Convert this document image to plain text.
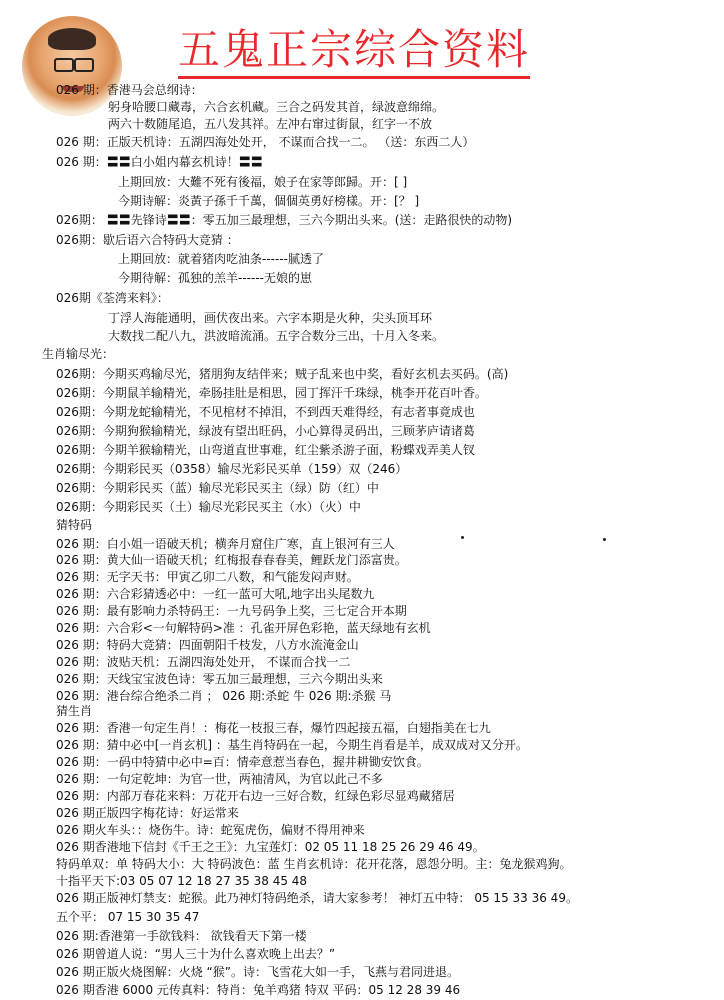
五鬼正宗综合资料
026 期：香港马会总纲诗：
躬身哈腰口藏毒，六合玄机藏。三合之码发其首，绿波意绵绵。
两六十数随尾追，五八发其祥。左冲右窜过街鼠，红字一不放
026 期：正版天机诗：五湖四海处处开， 不谋而合找一二。 （送：东西二人）
026 期：〓〓白小姐内幕玄机诗！〓〓
上期回放：大難不死有後福，娘子在家等郎歸。开：[ ]
今期诗解：炎黃子孫千千萬，個個英勇好榜樣。开：[？ ]
026期： 〓〓先锋诗〓〓：零五加三最理想，三六今期出头来。(送：走路很快的动物)
026期：歇后语六合特码大竞猜 ：
上期回放：就着猪肉吃油条------腻透了
今期待解：孤独的羔羊------无娘的崽
026期《荃湾来料》：
丁浮人海能通明，画伏夜出来。六字本期是火种，尖头顶耳环
大数找二配八九，洪波暗流涌。五字合数分三出，十月入冬来。
生肖输尽光：
026期：今期买鸡输尽光，猪朋狗友结伴来；贼子乱来也中奖，看好玄机去买码。(高)
026期：今期鼠羊输精光，牵肠挂肚是相思，园丁挥汗千珠绿，桃李开花百叶香。
026期：今期龙蛇输精光，不见棺材不掉泪，不到西天难得经，有志者事竟成也
026期：今期狗猴输精光，绿波有望出旺码，小心算得灵码出，三顾茅庐请诸葛
026期：今期羊猴输精光，山弯道直世事难，红尘紫杀游子面，粉蝶戏弄美人钗
026期：今期彩民买（0358）输尽光彩民买单（159）双（246）
026期：今期彩民买（蓝）输尽光彩民买主（绿）防（红）中
026期：今期彩民买（土）输尽光彩民买主（水）（火）中
猜特码
026 期：白小姐一语破天机；横奔月窟住广寒，直上银河有三人
026 期：黄大仙一语破天机；红梅报春春春美，鲤跃龙门添富贵。
026 期：无字天书：甲寅乙卯二八数，和气能发闷声财。
026 期：六合彩猜透必中：一红一蓝可大吼,地字出头尾数九
026 期：最有影响力杀特码王：一九号码争上奖，三七定合开本期
026 期：六合彩<一句解特码>准 ：孔雀开屏色彩艳，蓝天绿地有玄机
026 期：特码大竞猜：四面朝阳千枝发，八方水流淹金山
026 期：波贴天机：五湖四海处处开， 不谋而合找一二
026 期：天线宝宝波色诗：零五加三最理想，三六今期出头来
026 期：港台综合绝杀二肖 ； 026 期:杀蛇 牛 026 期:杀猴 马
猜生肖
026 期：香港一句定生肖！：梅花一枝报三春，爆竹四起接五福，白翅指美在七九
026 期：猜中必中[一肖玄机] ：基生肖特码在一起，今期生肖看是羊，成双成对又分开。
026 期：一码中特猜中必中=百：情牵意惹当春色，握井耕锄安饮食。
026 期：一句定乾坤：为官一世，两袖清风，为官以此己不多
026 期：内部万春花来料：万花开右边一三好合数，红绿色彩尽显鸡藏猪居
026 期正版四字梅花诗：好运常来
026 期火车头：：烧伤牛。诗：蛇冤虎伤，偏财不得用神来
026 期香港地下信封《千王之王》：九宝莲灯：02 05 11 18 25 26 29 46 49。
特码单双：单 特码大小：大 特码波色：蓝 生肖玄机诗：花开花落，恩怨分明。主：兔龙猴鸡狗。
十指平天下:03 05 07 12 18 27 35 38 45 48
026 期正版神灯禁支：蛇猴。此乃神灯特码绝杀，请大家参考！ 神灯五中特： 05 15 33 36 49。
五个平： 07 15 30 35 47
026 期:香港第一手欲钱料： 欲钱看天下第一楼
026 期曾道人说：“男人三十为什么喜欢晚上出去？”
026 期正版火烧图解：火烧 “猴”。诗：飞雪花大如一手，飞燕与君同进退。
026 期香港 6000 元传真料：特肖：兔羊鸡猪 特双 平码：05 12 28 39 46
